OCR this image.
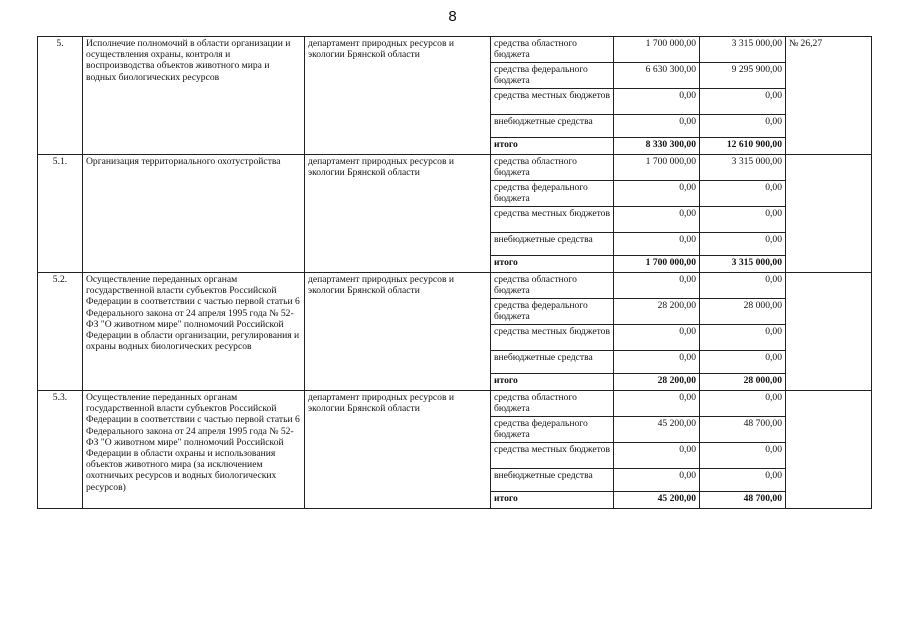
8
5.	Исполнечие полномочий в области организации и осуществления охраны, контроля и воспроизводства объектов животного мира и водных биологических ресурсов	департамент природных ресурсов и экологии Брянской области	средства областного бюджета	1 700 000,00	3 315 000,00	№ 26,27
			средства федерального бюджета	6 630 300,00	9 295 900,00	
			средства местных бюджетов	0,00	0,00	
			внебюджетные средства	0,00	0,00	
			итого	8 330 300,00	12 610 900,00	
5.1.	Организация территориального охотустройства	департамент природных ресурсов и экологии Брянской области	средства областного бюджета	1 700 000,00	3 315 000,00	
			средства федерального бюджета	0,00	0,00	
			средства местных бюджетов	0,00	0,00	
			внебюджетные средства	0,00	0,00	
			итого	1 700 000,00	3 315 000,00	
5.2.	Осуществление переданных органам государственной власти субъектов Российской Федерации в соответствии с частью первой статьи 6 Федерального закона от 24 апреля 1995 года № 52-ФЗ "О животном мире" полномочий Российской Федерации в области организации, регулирования и охраны водных биологических ресурсов	департамент природных ресурсов и экологии Брянской области	средства областного бюджета	0,00	0,00	
			средства федерального бюджета	28 200,00	28 000,00	
			средства местных бюджетов	0,00	0,00	
			внебюджетные средства	0,00	0,00	
			итого	28 200,00	28 000,00	
5.3.	Осуществление переданных органам государственной власти субъектов Российской Федерации в соответствии с частью первой статьи 6 Федерального закона от 24 апреля 1995 года № 52-ФЗ "О животном мире" полномочий Российской Федерации в области охраны и использования объектов животного мира (за исключением охотничьих ресурсов и водных биологических ресурсов)	департамент природных ресурсов и экологии Брянской области	средства областного бюджета	0,00	0,00	
			средства федерального бюджета	45 200,00	48 700,00	
			средства местных бюджетов	0,00	0,00	
			внебюджетные средства	0,00	0,00	
			итого	45 200,00	48 700,00	
